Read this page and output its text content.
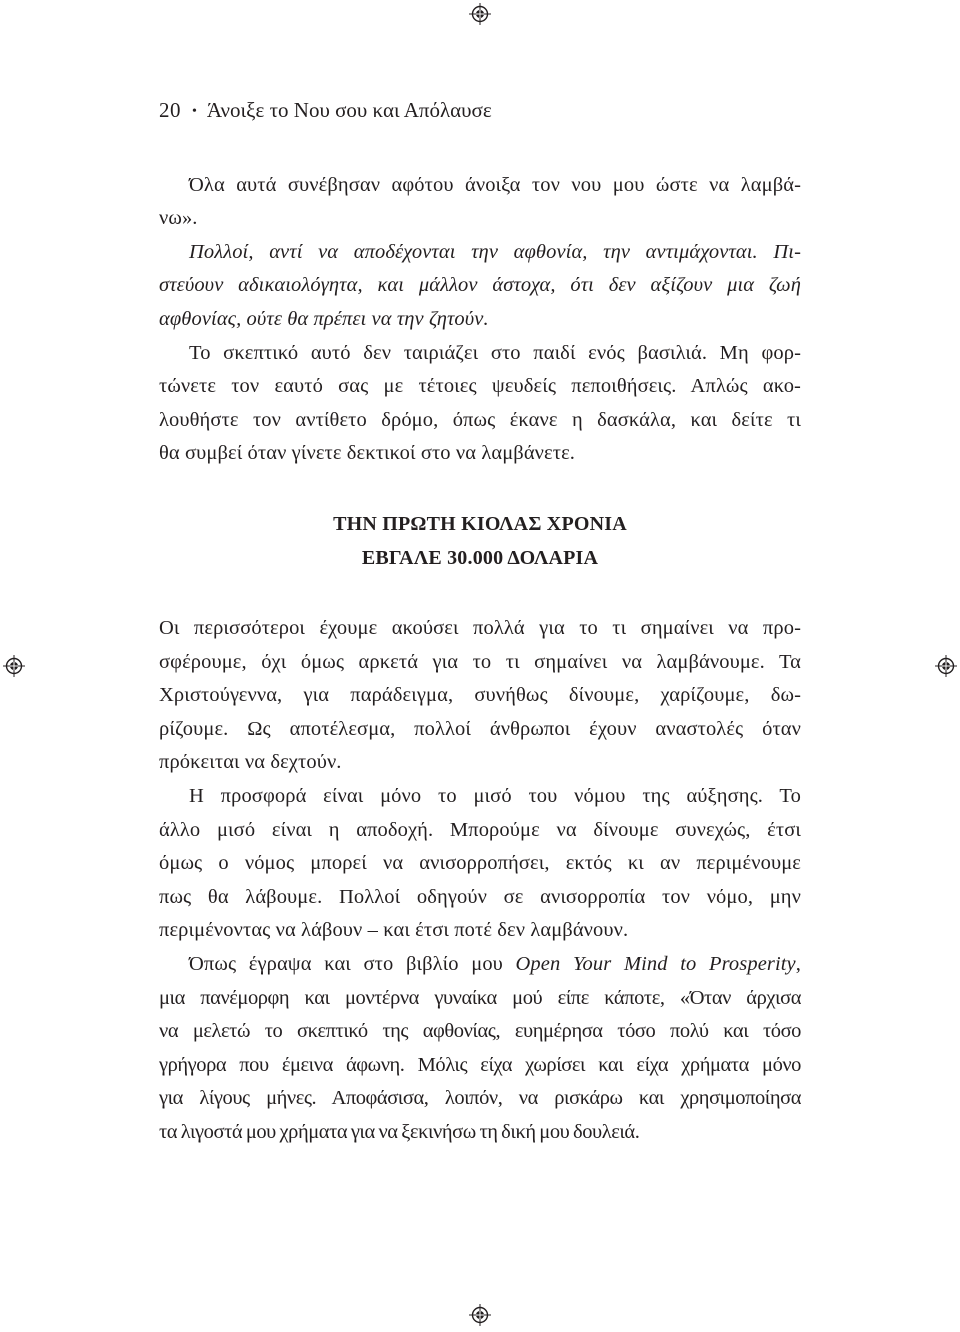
20 • Άνοιξε το Νου σου και Απόλαυσε
Όλα αυτά συνέβησαν αφότου άνοιξα τον νου μου ώστε να λαμβά-
νω».
Πολλοί, αντί να αποδέχονται την αφθονία, την αντιμάχονται. Πι-
στεύουν αδικαιολόγητα, και μάλλον άστοχα, ότι δεν αξίζουν μια ζωή
αφθονίας, ούτε θα πρέπει να την ζητούν.
Το σκεπτικό αυτό δεν ταιριάζει στο παιδί ενός βασιλιά. Μη φορ-
τώνετε τον εαυτό σας με τέτοιες ψευδείς πεποιθήσεις. Απλώς ακο-
λουθήστε τον αντίθετο δρόμο, όπως έκανε η δασκάλα, και δείτε τι
θα συμβεί όταν γίνετε δεκτικοί στο να λαμβάνετε.
ΤΗΝ ΠΡΩΤΗ ΚΙΟΛΑΣ ΧΡΟΝΙΑ
ΕΒΓΑΛΕ 30.000 ΔΟΛΑΡΙΑ
Οι περισσότεροι έχουμε ακούσει πολλά για το τι σημαίνει να προ-
σφέρουμε, όχι όμως αρκετά για το τι σημαίνει να λαμβάνουμε. Τα
Χριστούγεννα, για παράδειγμα, συνήθως δίνουμε, χαρίζουμε, δω-
ρίζουμε. Ως αποτέλεσμα, πολλοί άνθρωποι έχουν αναστολές όταν
πρόκειται να δεχτούν.
Η προσφορά είναι μόνο το μισό του νόμου της αύξησης. Το
άλλο μισό είναι η αποδοχή. Μπορούμε να δίνουμε συνεχώς, έτσι
όμως ο νόμος μπορεί να ανισορροπήσει, εκτός κι αν περιμένουμε
πως θα λάβουμε. Πολλοί οδηγούν σε ανισορροπία τον νόμο, μην
περιμένοντας να λάβουν – και έτσι ποτέ δεν λαμβάνουν.
Όπως έγραψα και στο βιβλίο μου Open Your Mind to Prosperity,
μια πανέμορφη και μοντέρνα γυναίκα μού είπε κάποτε, «Όταν άρχισα
να μελετώ το σκεπτικό της αφθονίας, ευημέρησα τόσο πολύ και τόσο
γρήγορα που έμεινα άφωνη. Μόλις είχα χωρίσει και είχα χρήματα μόνο
για λίγους μήνες. Αποφάσισα, λοιπόν, να ρισκάρω και χρησιμοποίησα
τα λιγοστά μου χρήματα για να ξεκινήσω τη δική μου δουλειά.
